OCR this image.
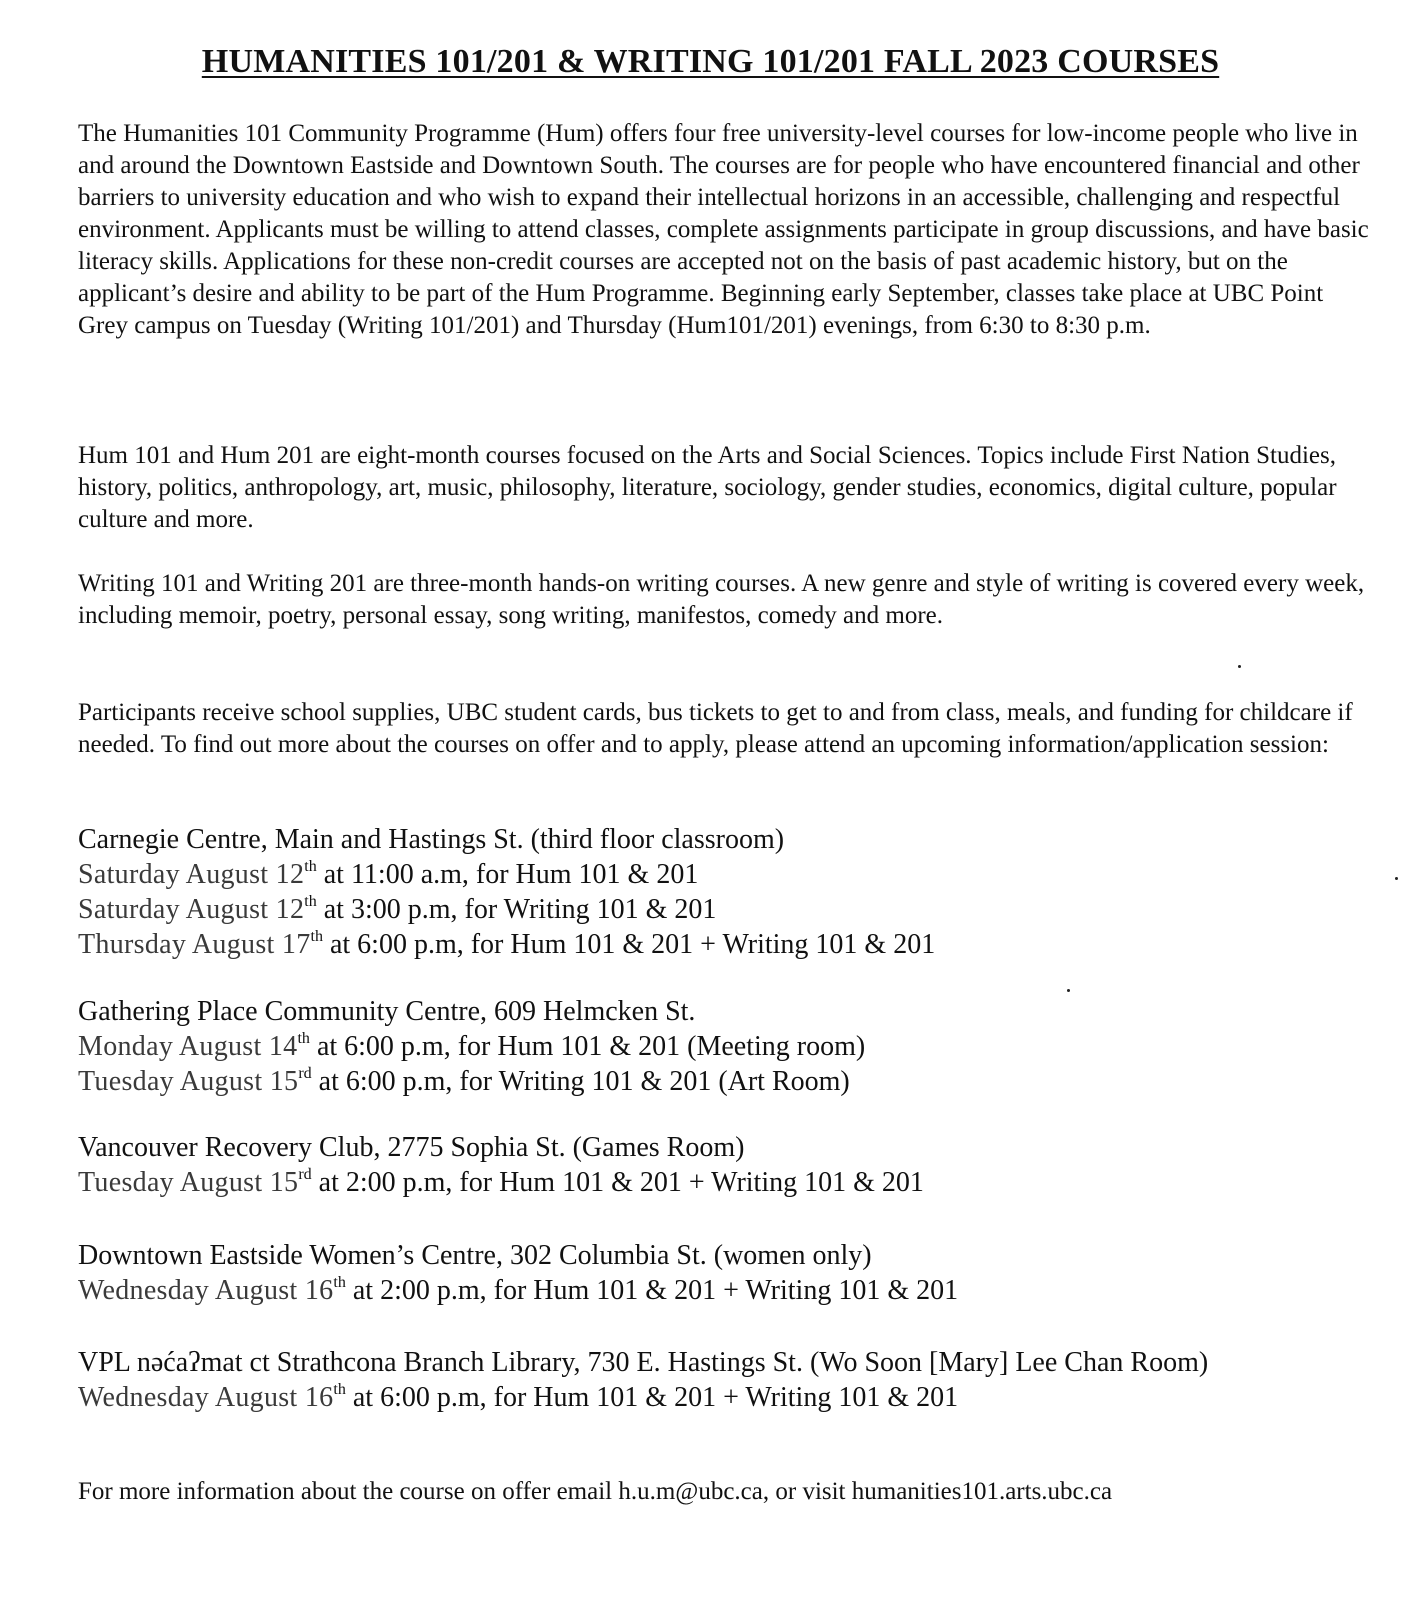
HUMANITIES 101/201 & WRITING 101/201 FALL 2023 COURSES

The Humanities 101 Community Programme (Hum) offers four free university-level courses for low-income people who live in and around the Downtown Eastside and Downtown South. The courses are for people who have encountered financial and other barriers to university education and who wish to expand their intellectual horizons in an accessible, challenging and respectful environment. Applicants must be willing to attend classes, complete assignments participate in group discussions, and have basic literacy skills. Applications for these non-credit courses are accepted not on the basis of past academic history, but on the applicant’s desire and ability to be part of the Hum Programme. Beginning early September, classes take place at UBC Point Grey campus on Tuesday (Writing 101/201) and Thursday (Hum101/201) evenings, from 6:30 to 8:30 p.m.

Hum 101 and Hum 201 are eight-month courses focused on the Arts and Social Sciences. Topics include First Nation Studies, history, politics, anthropology, art, music, philosophy, literature, sociology, gender studies, economics, digital culture, popular culture and more.

Writing 101 and Writing 201 are three-month hands-on writing courses. A new genre and style of writing is covered every week, including memoir, poetry, personal essay, song writing, manifestos, comedy and more.

Participants receive school supplies, UBC student cards, bus tickets to get to and from class, meals, and funding for childcare if needed. To find out more about the courses on offer and to apply, please attend an upcoming information/application session:

Carnegie Centre, Main and Hastings St. (third floor classroom)
Saturday August 12th at 11:00 a.m, for Hum 101 & 201
Saturday August 12th at 3:00 p.m, for Writing 101 & 201
Thursday August 17th at 6:00 p.m, for Hum 101 & 201 + Writing 101 & 201
Gathering Place Community Centre, 609 Helmcken St.
Monday August 14th at 6:00 p.m, for Hum 101 & 201 (Meeting room)
Tuesday August 15rd at 6:00 p.m, for Writing 101 & 201 (Art Room)
Vancouver Recovery Club, 2775 Sophia St. (Games Room)
Tuesday August 15rd at 2:00 p.m, for Hum 101 & 201 + Writing 101 & 201
Downtown Eastside Women’s Centre, 302 Columbia St. (women only)
Wednesday August 16th at 2:00 p.m, for Hum 101 & 201 + Writing 101 & 201
VPL nəćaʔmat ct Strathcona Branch Library, 730 E. Hastings St. (Wo Soon [Mary] Lee Chan Room)
Wednesday August 16th at 6:00 p.m, for Hum 101 & 201 + Writing 101 & 201
For more information about the course on offer email h.u.m@ubc.ca, or visit humanities101.arts.ubc.ca
